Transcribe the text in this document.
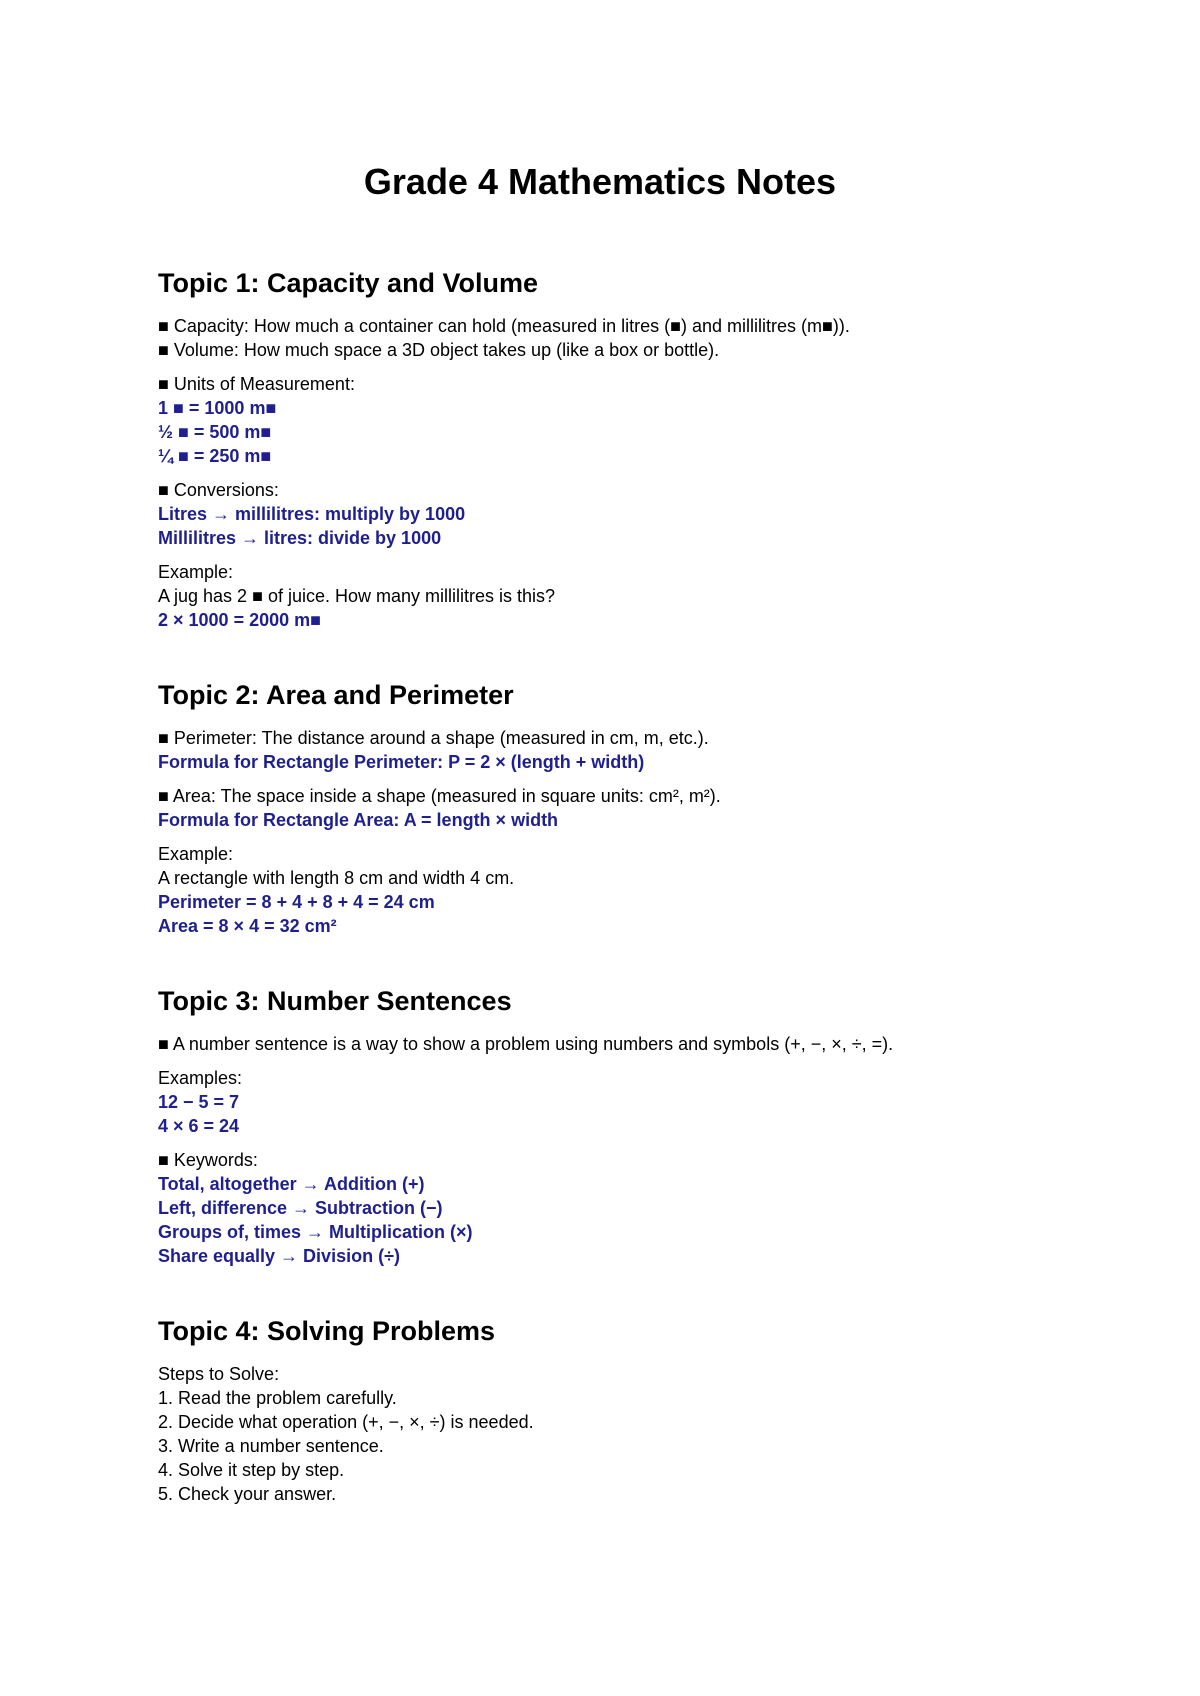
Grade 4 Mathematics Notes
Topic 1: Capacity and Volume
■ Capacity: How much a container can hold (measured in litres (■) and millilitres (m■)).
■ Volume: How much space a 3D object takes up (like a box or bottle).
■ Units of Measurement:
1 ■ = 1000 m■
½ ■ = 500 m■
¼ ■ = 250 m■
■ Conversions:
Litres → millilitres: multiply by 1000
Millilitres → litres: divide by 1000
Example:
A jug has 2 ■ of juice. How many millilitres is this?
2 × 1000 = 2000 m■
Topic 2: Area and Perimeter
■ Perimeter: The distance around a shape (measured in cm, m, etc.).
Formula for Rectangle Perimeter: P = 2 × (length + width)
■ Area: The space inside a shape (measured in square units: cm², m²).
Formula for Rectangle Area: A = length × width
Example:
A rectangle with length 8 cm and width 4 cm.
Perimeter = 8 + 4 + 8 + 4 = 24 cm
Area = 8 × 4 = 32 cm²
Topic 3: Number Sentences
■ A number sentence is a way to show a problem using numbers and symbols (+, −, ×, ÷, =).
Examples:
12 − 5 = 7
4 × 6 = 24
■ Keywords:
Total, altogether → Addition (+)
Left, difference → Subtraction (−)
Groups of, times → Multiplication (×)
Share equally → Division (÷)
Topic 4: Solving Problems
Steps to Solve:
1. Read the problem carefully.
2. Decide what operation (+, −, ×, ÷) is needed.
3. Write a number sentence.
4. Solve it step by step.
5. Check your answer.
